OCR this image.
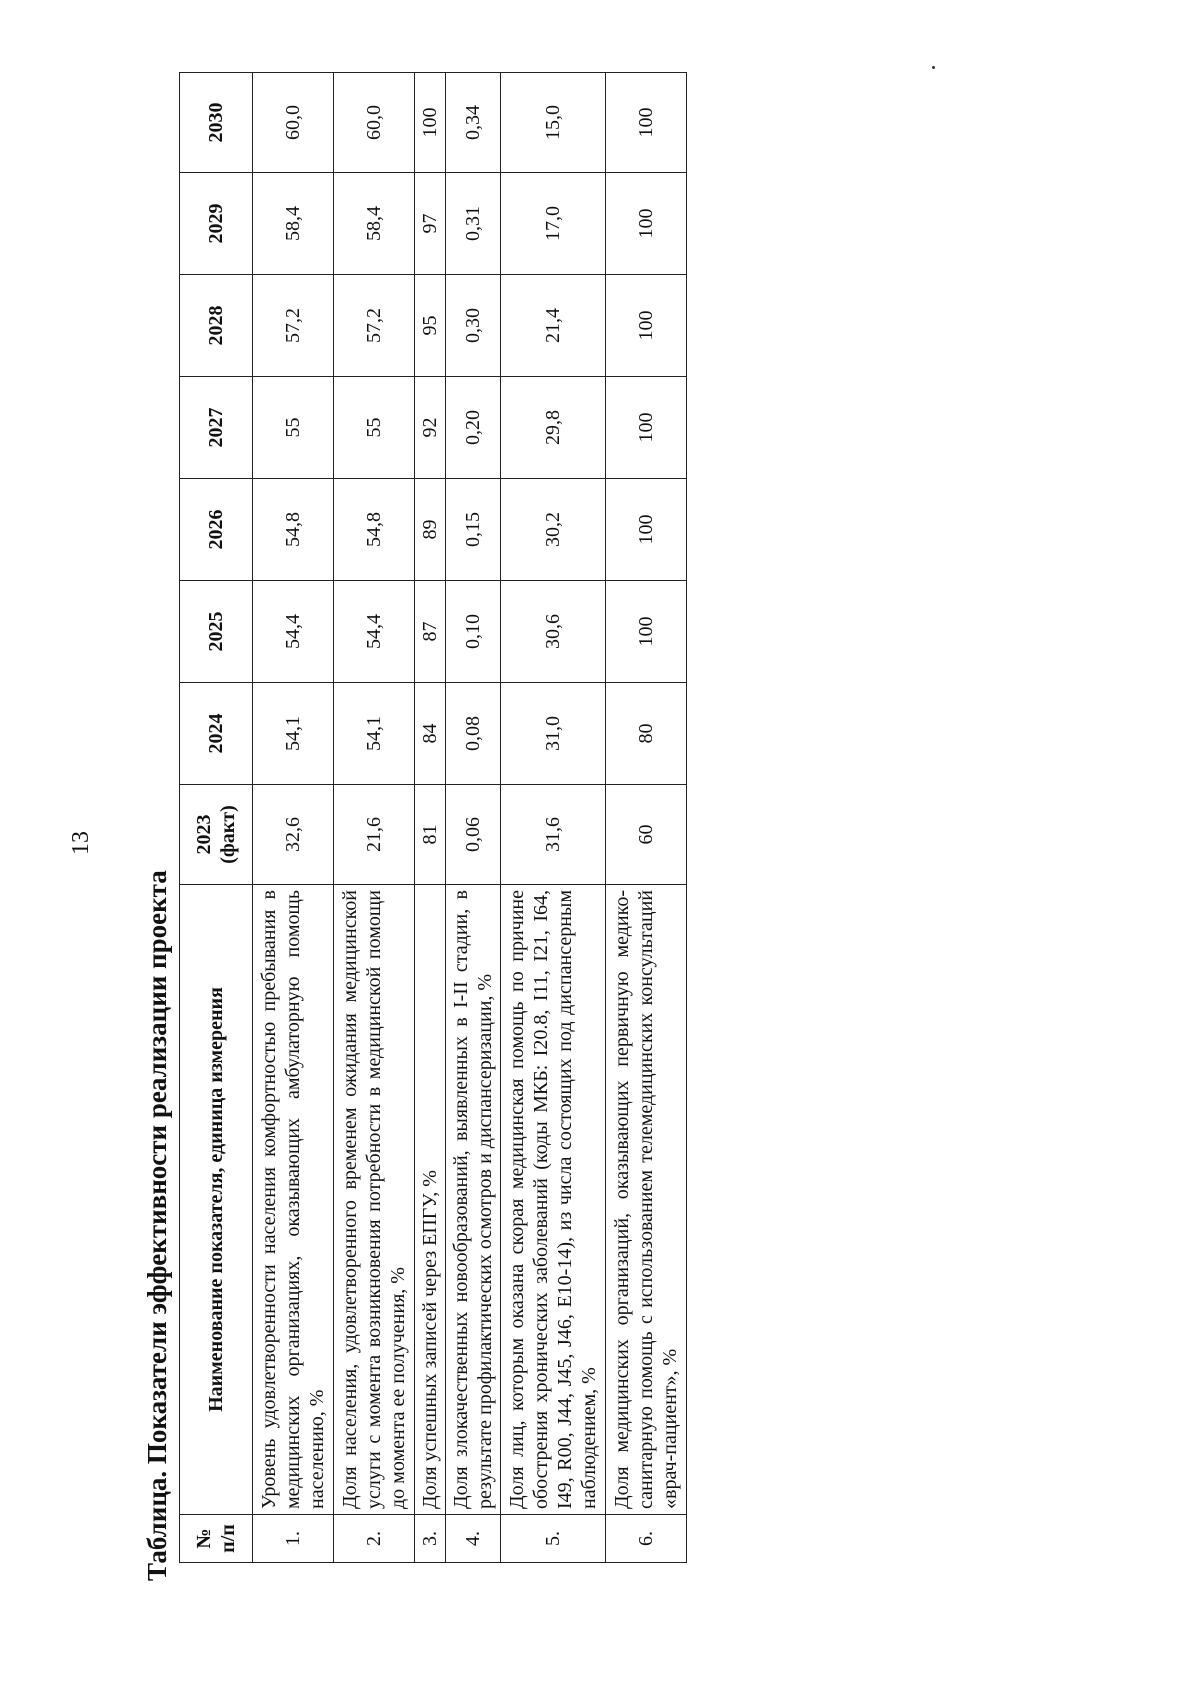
13
Таблица. Показатели эффективности реализации проекта	№ п/п	Наименование показателя, единица измерения	2023 (факт)	2024	2025	2026	2027	2028	2029	2030
1.	Уровень удовлетворенности населения комфортностью пребывания в медицинских организациях, оказывающих амбулаторную помощь населению, %	32,6	54,1	54,4	54,8	55	57,2	58,4	60,0
2.	Доля населения, удовлетворенного временем ожидания медицинской услуги с момента возникновения потребности в медицинской помощи до момента ее получения, %	21,6	54,1	54,4	54,8	55	57,2	58,4	60,0
3.	Доля успешных записей через ЕПГУ, %	81	84	87	89	92	95	97	100
4.	Доля злокачественных новообразований, выявленных в I-II стадии, в результате профилактических осмотров и диспансеризации, %	0,06	0,08	0,10	0,15	0,20	0,30	0,31	0,34
5.	Доля лиц, которым оказана скорая медицинская помощь по причине обострения хронических заболеваний (коды МКБ: I20.8, I11, I21, I64, I49, R00, J44, J45, J46, E10-14), из числа состоящих под диспансерным наблюдением, %	31,6	31,0	30,6	30,2	29,8	21,4	17,0	15,0
6.	Доля медицинских организаций, оказывающих первичную медико-санитарную помощь с использованием телемедицинских консультаций «врач-пациент», %	60	80	100	100	100	100	100	100
